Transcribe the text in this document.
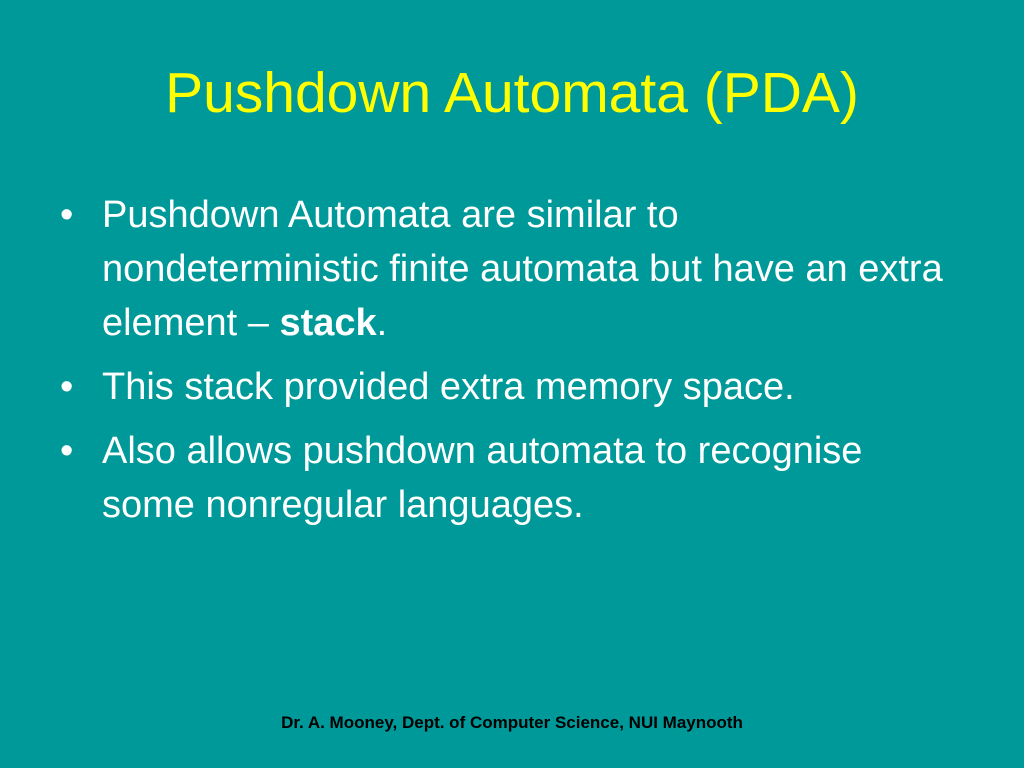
Pushdown Automata (PDA)
• Pushdown Automata are similar to nondeterministic finite automata but have an extra element – stack.
• This stack provided extra memory space.
• Also allows pushdown automata to recognise some nonregular languages.
Dr. A. Mooney, Dept. of Computer Science, NUI Maynooth
